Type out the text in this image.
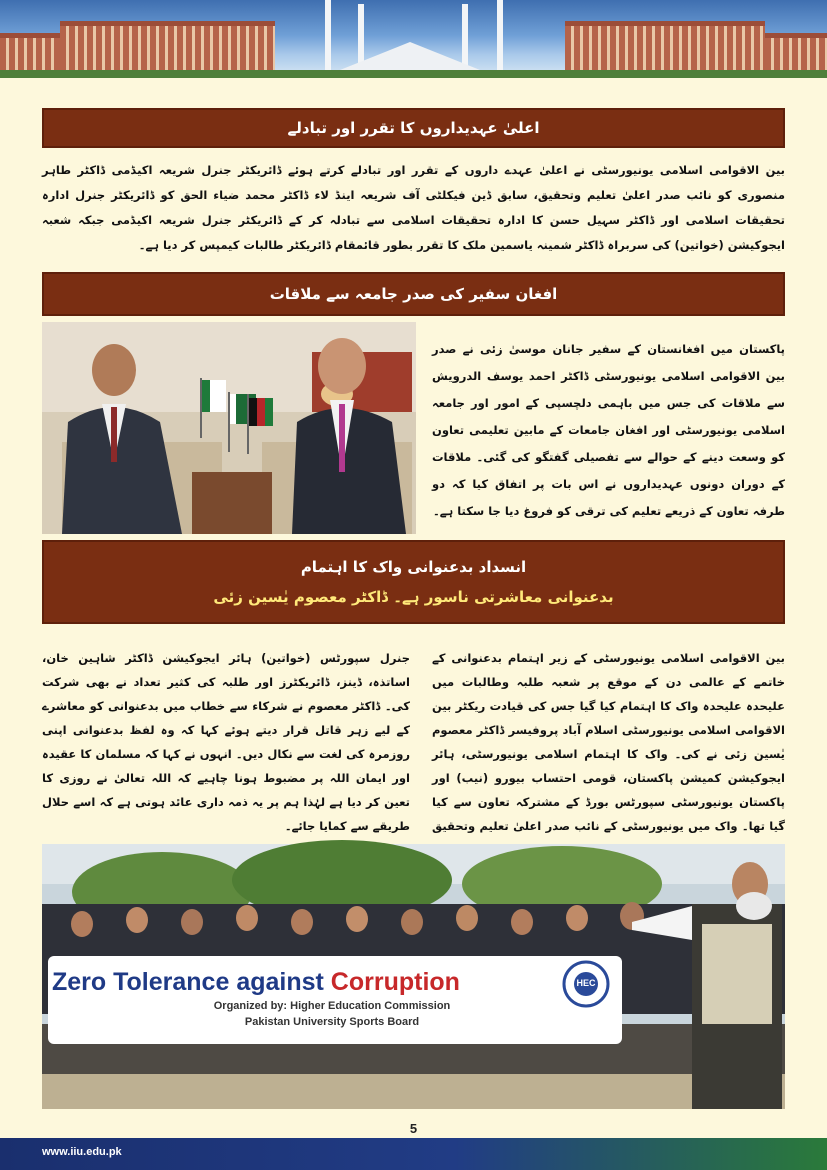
اعلیٰ عہدیداروں کا تقرر اور تبادلے

بین الاقوامی اسلامی یونیورسٹی نے اعلیٰ عہدے داروں کے تقرر اور تبادلے کرتے ہوئے ڈائریکٹر جنرل شریعہ اکیڈمی ڈاکٹر طاہر منصوری کو نائب صدر اعلیٰ تعلیم وتحقیق، سابق ڈین فیکلٹی آف شریعہ اینڈ لاء ڈاکٹر محمد ضیاء الحق کو ڈائریکٹر جنرل ادارہ تحقیقات اسلامی اور ڈاکٹر سہیل حسن کا ادارہ تحقیقات اسلامی سے تبادلہ کر کے ڈائریکٹر جنرل شریعہ اکیڈمی جبکہ شعبہ ایجوکیشن (خواتین) کی سربراہ ڈاکٹر شمینہ یاسمین ملک کا تقرر بطور قائمقام ڈائریکٹر طالبات کیمپس کر دیا ہے۔

افغان سفیر کی صدر جامعہ سے ملاقات

پاکستان میں افغانستان کے سفیر جانان موسیٰ زئی نے صدر بین الاقوامی اسلامی یونیورسٹی ڈاکٹر احمد یوسف الدرویش سے ملاقات کی جس میں باہمی دلچسپی کے امور اور جامعہ اسلامی یونیورسٹی اور افغان جامعات کے مابین تعلیمی تعاون کو وسعت دینے کے حوالے سے تفصیلی گفتگو کی گئی۔ ملاقات کے دوران دونوں عہدیداروں نے اس بات پر اتفاق کیا کہ دو طرفہ تعاون کے ذریعے تعلیم کی ترقی کو فروغ دیا جا سکتا ہے۔

انسداد بدعنوانی واک کا اہتمام
بدعنوانی معاشرتی ناسور ہے۔ ڈاکٹر معصوم یٰسین زئی

بین الاقوامی اسلامی یونیورسٹی کے زیر اہتمام بدعنوانی کے خاتمے کے عالمی دن کے موقع پر شعبہ طلبہ وطالبات میں علیحدہ علیحدہ واک کا اہتمام کیا گیا جس کی قیادت ریکٹر بین الاقوامی اسلامی یونیورسٹی اسلام آباد پروفیسر ڈاکٹر معصوم یٰسین زئی نے کی۔ واک کا اہتمام اسلامی یونیورسٹی، ہائر ایجوکیشن کمیشن پاکستان، قومی احتساب بیورو (نیب) اور پاکستان یونیورسٹی سپورٹس بورڈ کے مشترکہ تعاون سے کیا گیا تھا۔ واک میں یونیورسٹی کے نائب صدر اعلیٰ تعلیم وتحقیق

جنرل سپورٹس (خواتین) ہائر ایجوکیشن ڈاکٹر شاہین خان، اساتذہ، ڈینز، ڈائریکٹرز اور طلبہ کی کثیر تعداد نے بھی شرکت کی۔ ڈاکٹر معصوم نے شرکاء سے خطاب میں بدعنوانی کو معاشرے کے لیے زہر قاتل قرار دیتے ہوئے کہا کہ وہ لفظ بدعنوانی اپنی روزمرہ کی لغت سے نکال دیں۔ انہوں نے کہا کہ مسلمان کا عقیدہ اور ایمان اللہ پر مضبوط ہونا چاہیے کہ اللہ تعالیٰ نے روزی کا تعین کر دیا ہے لہٰذا ہم پر یہ ذمہ داری عائد ہوتی ہے کہ اسے حلال طریقے سے کمایا جائے۔

Zero Tolerance against Corruption
Organized by: Higher Education Commission
Pakistan University Sports Board
HEC
5
www.iiu.edu.pk
